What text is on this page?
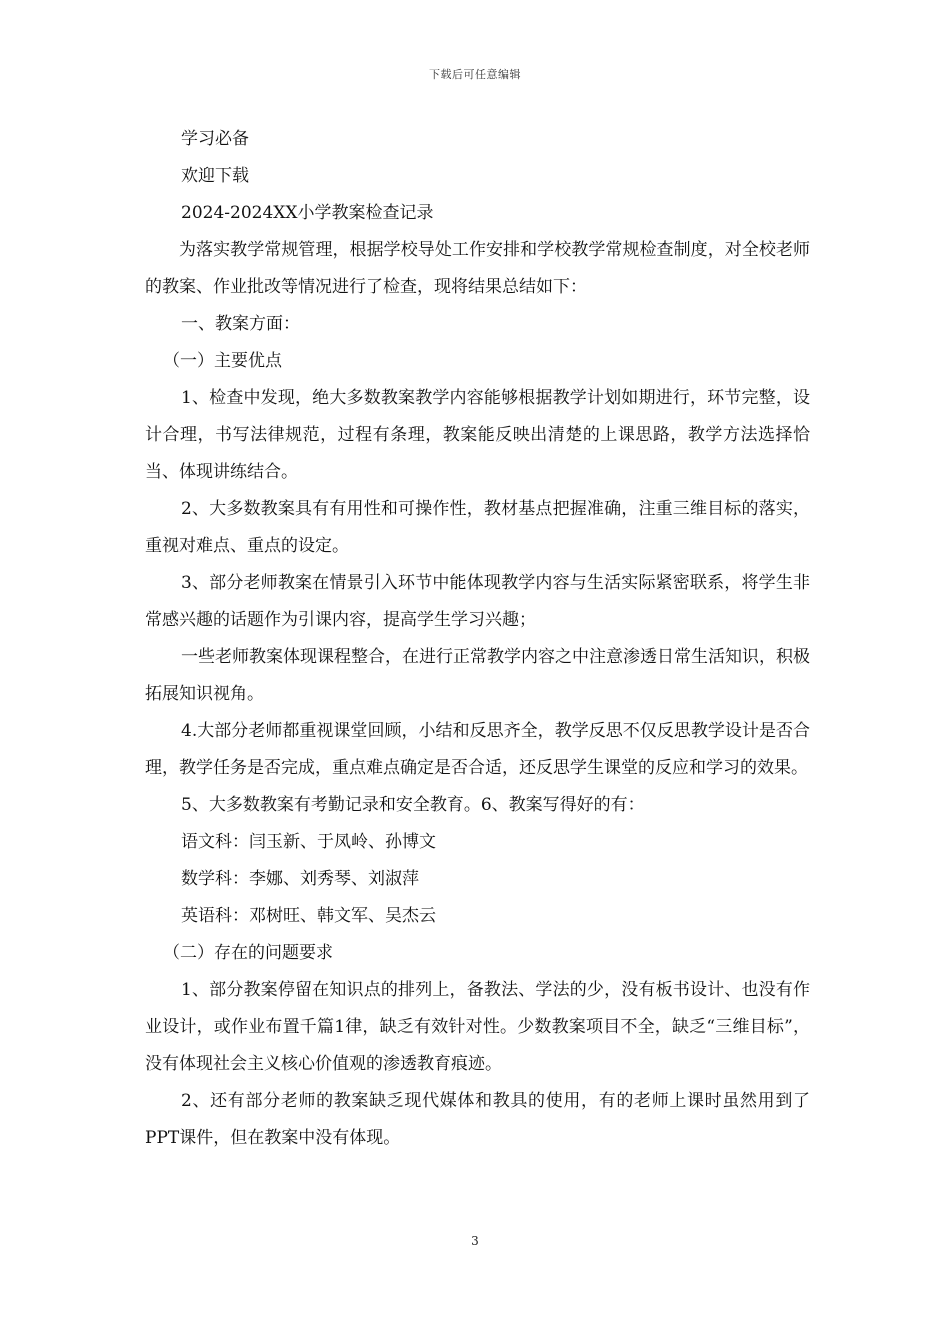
下载后可任意编辑

学习必备

欢迎下载

2024-2024XX小学教案检查记录

为落实教学常规管理，根据学校导处工作安排和学校教学常规检查制度，对全校老师的教案、作业批改等情况进行了检查，现将结果总结如下：

一、教案方面：

（一）主要优点

1、检查中发现，绝大多数教案教学内容能够根据教学计划如期进行，环节完整，设计合理，书写法律规范，过程有条理，教案能反映出清楚的上课思路，教学方法选择恰当、体现讲练结合。

2、大多数教案具有有用性和可操作性，教材基点把握准确，注重三维目标的落实，重视对难点、重点的设定。

3、部分老师教案在情景引入环节中能体现教学内容与生活实际紧密联系，将学生非常感兴趣的话题作为引课内容，提高学生学习兴趣；

一些老师教案体现课程整合，在进行正常教学内容之中注意渗透日常生活知识，积极拓展知识视角。

4.大部分老师都重视课堂回顾，小结和反思齐全，教学反思不仅反思教学设计是否合理，教学任务是否完成，重点难点确定是否合适，还反思学生课堂的反应和学习的效果。

5、大多数教案有考勤记录和安全教育。6、教案写得好的有：

语文科：闫玉新、于凤岭、孙博文

数学科：李娜、刘秀琴、刘淑萍

英语科：邓树旺、韩文军、吴杰云

（二）存在的问题要求

1、部分教案停留在知识点的排列上，备教法、学法的少，没有板书设计、也没有作业设计，或作业布置千篇1律，缺乏有效针对性。少数教案项目不全，缺乏“三维目标”，没有体现社会主义核心价值观的渗透教育痕迹。

2、还有部分老师的教案缺乏现代媒体和教具的使用，有的老师上课时虽然用到了PPT课件，但在教案中没有体现。

3
